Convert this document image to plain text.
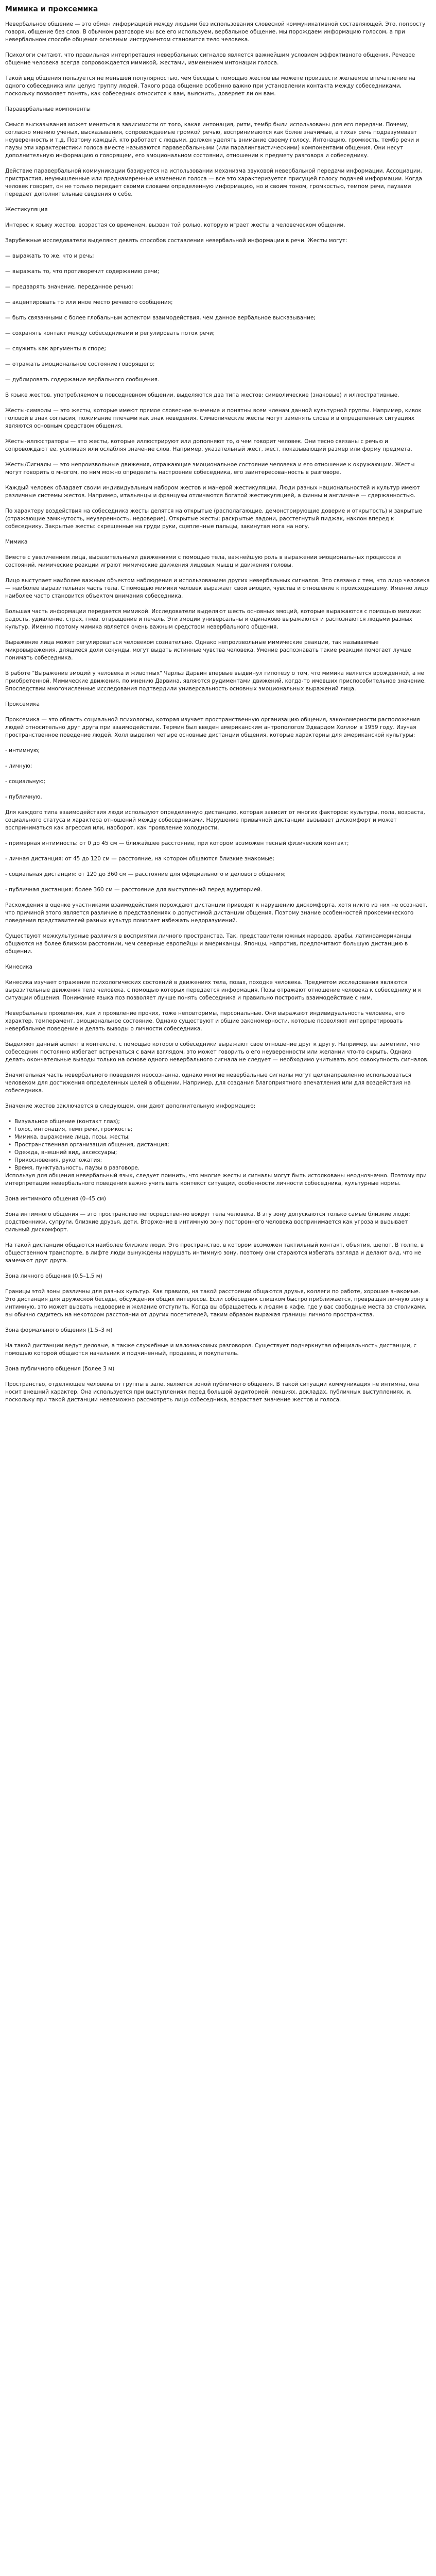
Мимика и проксемика
Невербальное общение — это обмен информацией между людьми без использования словесной коммуникативной составляющей. Это, попросту говоря, общение без слов. В обычном разговоре мы все его используем, вербальное общение, мы порождаем информацию голосом, а при невербальном способе общения основным инструментом становится тело человека.
Психологи считают, что правильная интерпретация невербальных сигналов является важнейшим условием эффективного общения. Речевое общение человека всегда сопровождается мимикой, жестами, изменением интонации голоса.
Такой вид общения пользуется не меньшей популярностью, чем беседы с помощью жестов вы можете произвести желаемое впечатление на одного собеседника или целую группу людей. Такого рода общение особенно важно при установлении контакта между собеседниками, поскольку позволяет понять, как собеседник относится к вам, выяснить, доверяет ли он вам.
Паравербальные компоненты
Смысл высказывания может меняться в зависимости от того, какая интонация, ритм, тембр были использованы для его передачи. Почему, согласно мнению ученых, высказывания, сопровождаемые громкой речью, воспринимаются как более значимые, а тихая речь подразумевает неуверенность и т.д. Поэтому каждый, кто работает с людьми, должен уделять внимание своему голосу. Интонацию, громкость, тембр речи и паузы эти характеристики голоса вместе называются паравербальными (или паралингвистическими) компонентами общения. Они несут дополнительную информацию о говорящем, его эмоциональном состоянии, отношении к предмету разговора и собеседнику.
Действие паравербальной коммуникации базируется на использовании механизма звуковой невербальной передачи информации. Ассоциации, пристрастия, неумышленные или преднамеренные изменения голоса — все это характеризуется присущей голосу подачей информации. Когда человек говорит, он не только передает своими словами определенную информацию, но и своим тоном, громкостью, темпом речи, паузами передает дополнительные сведения о себе.
Жестикуляция
Интерес к языку жестов, возрастая со временем, вызван той ролью, которую играет жесты в человеческом общении.
Зарубежные исследователи выделяют девять способов составления невербальной информации в речи. Жесты могут:
— выражать то же, что и речь;
— выражать то, что противоречит содержанию речи;
— предварять значение, переданное речью;
— акцентировать то или иное место речевого сообщения;
— быть связанными с более глобальным аспектом взаимодействия, чем данное вербальное высказывание;
— сохранять контакт между собеседниками и регулировать поток речи;
— служить как аргументы в споре;
— отражать эмоциональное состояние говорящего;
— дублировать содержание вербального сообщения.
В языке жестов, употребляемом в повседневном общении, выделяются два типа жестов: символические (знаковые) и иллюстративные.
Жесты-символы — это жесты, которые имеют прямое словесное значение и понятны всем членам данной культурной группы. Например, кивок головой в знак согласия, пожимание плечами как знак неведения. Символические жесты могут заменять слова и в определенных ситуациях являются основным средством общения.
Жесты-иллюстраторы — это жесты, которые иллюстрируют или дополняют то, о чем говорит человек. Они тесно связаны с речью и сопровождают ее, усиливая или ослабляя значение слов. Например, указательный жест, жест, показывающий размер или форму предмета.
Жесты/Сигналы — это непроизвольные движения, отражающие эмоциональное состояние человека и его отношение к окружающим. Жесты могут говорить о многом, по ним можно определить настроение собеседника, его заинтересованность в разговоре.
Каждый человек обладает своим индивидуальным набором жестов и манерой жестикуляции. Люди разных национальностей и культур имеют различные системы жестов. Например, итальянцы и французы отличаются богатой жестикуляцией, а финны и англичане — сдержанностью.
По характеру воздействия на собеседника жесты делятся на открытые (располагающие, демонстрирующие доверие и открытость) и закрытые (отражающие замкнутость, неуверенность, недоверие). Открытые жесты: раскрытые ладони, расстегнутый пиджак, наклон вперед к собеседнику. Закрытые жесты: скрещенные на груди руки, сцепленные пальцы, закинутая нога на ногу.
Мимика
Вместе с увеличением лица, выразительными движениями с помощью тела, важнейшую роль в выражении эмоциональных процессов и состояний, мимические реакции играют мимические движения лицевых мышц и движения головы.
Лицо выступает наиболее важным объектом наблюдения и использованием других невербальных сигналов. Это связано с тем, что лицо человека — наиболее выразительная часть тела. С помощью мимики человек выражает свои эмоции, чувства и отношение к происходящему. Именно лицо наиболее часто становится объектом внимания собеседника.
Большая часть информации передается мимикой. Исследователи выделяют шесть основных эмоций, которые выражаются с помощью мимики: радость, удивление, страх, гнев, отвращение и печаль. Эти эмоции универсальны и одинаково выражаются и распознаются людьми разных культур. Именно поэтому мимика является очень важным средством невербального общения.
Выражение лица может регулироваться человеком сознательно. Однако непроизвольные мимические реакции, так называемые микровыражения, длящиеся доли секунды, могут выдать истинные чувства человека. Умение распознавать такие реакции помогает лучше понимать собеседника.
В работе "Выражение эмоций у человека и животных" Чарльз Дарвин впервые выдвинул гипотезу о том, что мимика является врожденной, а не приобретенной. Мимические движения, по мнению Дарвина, являются рудиментами движений, когда-то имевших приспособительное значение. Впоследствии многочисленные исследования подтвердили универсальность основных эмоциональных выражений лица.
Проксемика
Проксемика — это область социальной психологии, которая изучает пространственную организацию общения, закономерности расположения людей относительно друг друга при взаимодействии. Термин был введен американским антропологом Эдвардом Холлом в 1959 году. Изучая пространственное поведение людей, Холл выделил четыре основные дистанции общения, которые характерны для американской культуры:
- интимную;
- личную;
- социальную;
- публичную.
Для каждого типа взаимодействия люди используют определенную дистанцию, которая зависит от многих факторов: культуры, пола, возраста, социального статуса и характера отношений между собеседниками. Нарушение привычной дистанции вызывает дискомфорт и может восприниматься как агрессия или, наоборот, как проявление холодности.
- примерная интимность: от 0 до 45 см — ближайшее расстояние, при котором возможен тесный физический контакт;
- личная дистанция: от 45 до 120 см — расстояние, на котором общаются близкие знакомые;
- социальная дистанция: от 120 до 360 см — расстояние для официального и делового общения;
- публичная дистанция: более 360 см — расстояние для выступлений перед аудиторией.
Расхождения в оценке участниками взаимодействия порождают дистанции приводят к нарушению дискомфорта, хотя никто из них не осознает, что причиной этого является различие в представлениях о допустимой дистанции общения. Поэтому знание особенностей проксемического поведения представителей разных культур помогает избежать недоразумений.
Существуют межкультурные различия в восприятии личного пространства. Так, представители южных народов, арабы, латиноамериканцы общаются на более близком расстоянии, чем северные европейцы и американцы. Японцы, напротив, предпочитают большую дистанцию в общении.
Кинесика
Кинесика изучает отражение психологических состояний в движениях тела, позах, походке человека. Предметом исследования являются выразительные движения тела человека, с помощью которых передается информация. Позы отражают отношение человека к собеседнику и к ситуации общения. Понимание языка поз позволяет лучше понять собеседника и правильно построить взаимодействие с ним.
Невербальные проявления, как и проявление прочих, тоже неповторимы, персональные. Они выражают индивидуальность человека, его характер, темперамент, эмоциональное состояние. Однако существуют и общие закономерности, которые позволяют интерпретировать невербальное поведение и делать выводы о личности собеседника.
Выделяют данный аспект в контексте, с помощью которого собеседники выражают свое отношение друг к другу. Например, вы заметили, что собеседник постоянно избегает встречаться с вами взглядом, это может говорить о его неуверенности или желании что-то скрыть. Однако делать окончательные выводы только на основе одного невербального сигнала не следует — необходимо учитывать всю совокупность сигналов.
Значительная часть невербального поведения неосознанна, однако многие невербальные сигналы могут целенаправленно использоваться человеком для достижения определенных целей в общении. Например, для создания благоприятного впечатления или для воздействия на собеседника.
Значение жестов заключается в следующем, они дают дополнительную информацию:
• Визуальное общение (контакт глаз);
• Голос, интонация, темп речи, громкость;
• Мимика, выражение лица, позы, жесты;
• Пространственная организация общения, дистанция;
• Одежда, внешний вид, аксессуары;
• Прикосновения, рукопожатия;
• Время, пунктуальность, паузы в разговоре.
Используя для общения невербальный язык, следует помнить, что многие жесты и сигналы могут быть истолкованы неоднозначно. Поэтому при интерпретации невербального поведения важно учитывать контекст ситуации, особенности личности собеседника, культурные нормы.
Зона интимного общения (0–45 см)
Зона интимного общения — это пространство непосредственно вокруг тела человека. В эту зону допускаются только самые близкие люди: родственники, супруги, близкие друзья, дети. Вторжение в интимную зону постороннего человека воспринимается как угроза и вызывает сильный дискомфорт.
На такой дистанции общаются наиболее близкие люди. Это пространство, в котором возможен тактильный контакт, объятия, шепот. В толпе, в общественном транспорте, в лифте люди вынуждены нарушать интимную зону, поэтому они стараются избегать взгляда и делают вид, что не замечают друг друга.
Зона личного общения (0,5–1,5 м)
Границы этой зоны различны для разных культур. Как правило, на такой расстоянии общаются друзья, коллеги по работе, хорошие знакомые. Это дистанция для дружеской беседы, обсуждения общих интересов. Если собеседник слишком быстро приближается, превращая личную зону в интимную, это может вызвать недоверие и желание отступить. Когда вы обращаетесь к людям в кафе, где у вас свободные места за столиками, вы обычно садитесь на некотором расстоянии от других посетителей, таким образом выражая границы личного пространства.
Зона формального общения (1,5–3 м)
На такой дистанции ведут деловые, а также служебные и малознакомых разговоров. Существует подчеркнутая официальность дистанции, с помощью которой общаются начальник и подчиненный, продавец и покупатель.
Зона публичного общения (более 3 м)
Пространство, отделяющее человека от группы в зале, является зоной публичного общения. В такой ситуации коммуникация не интимна, она носит внешний характер. Она используется при выступлениях перед большой аудиторией: лекциях, докладах, публичных выступлениях, и, поскольку при такой дистанции невозможно рассмотреть лицо собеседника, возрастает значение жестов и голоса.
